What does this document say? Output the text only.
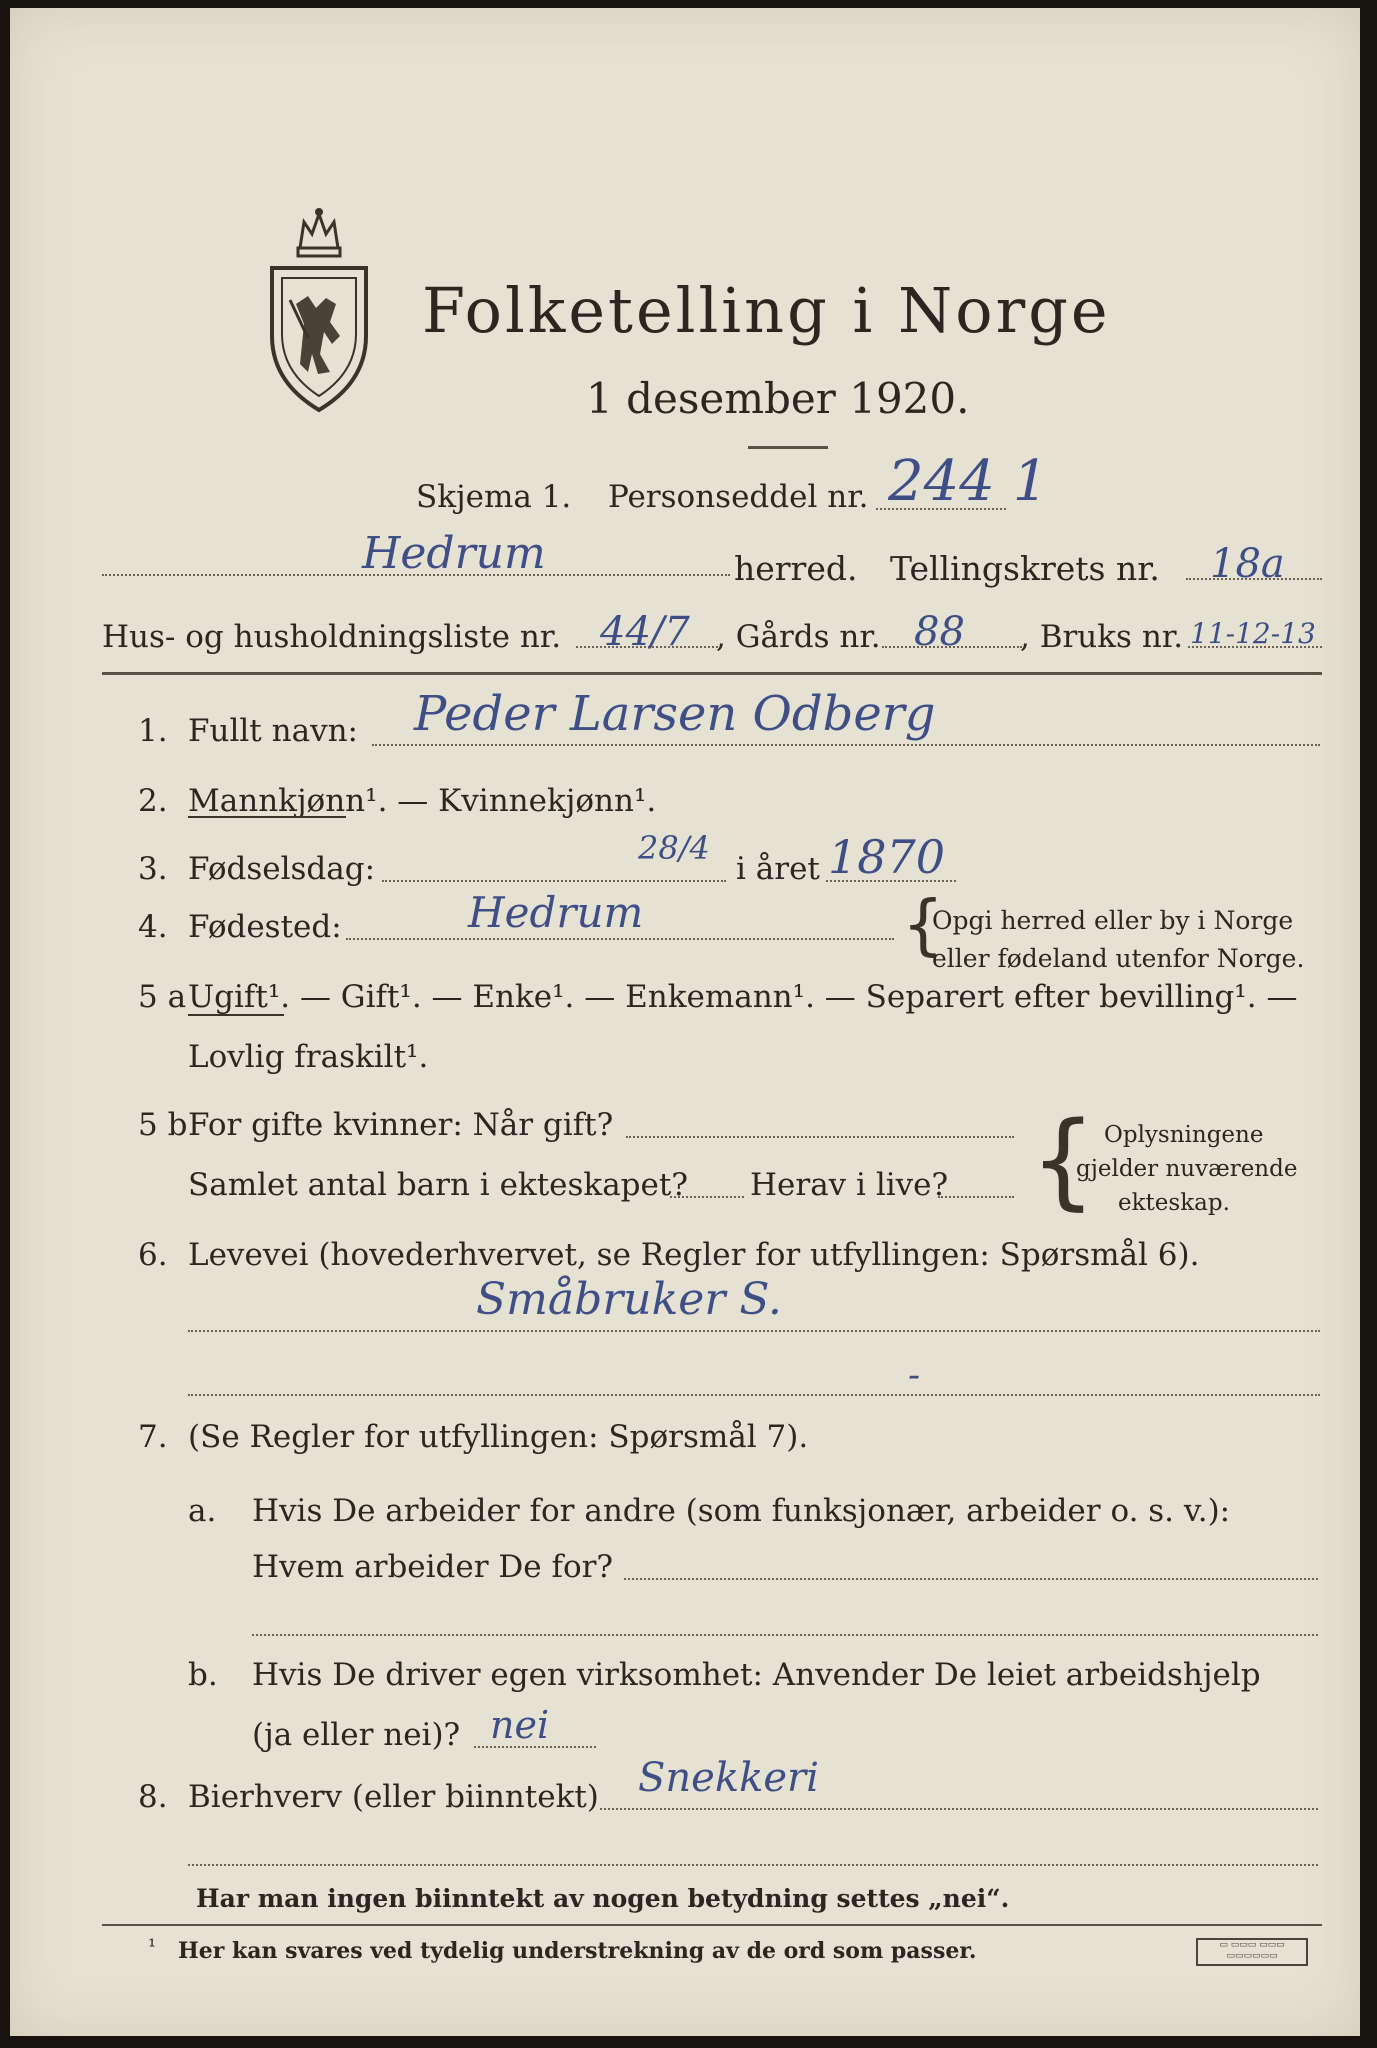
Folketelling i Norge
1 desember 1920.
Skjema 1. Personseddel nr. 244 1
Hedrum	herred. Tellingskrets nr. 18a
Hus- og husholdningsliste nr. 44/7 , Gårds nr. 88 , Bruks nr. 11-12-13
1. Fullt navn: Peder Larsen Odberg
2. Mannkjønn¹. — Kvinnekjønn¹.
3. Fødselsdag:
28/4
i året 1870
4. Fødested:	Hedrum	{
Opgi herred eller by i Norge
eller fødeland utenfor Norge.
5 a Ugift¹. — Gift¹. — Enke¹. — Enkemann¹. — Separert efter bevilling¹. —
Lovlig fraskilt¹.
5 b For gifte kvinner: Når gift?
Samlet antal barn i ekteskapet? Herav i live? { Oplysningene
gjelder nuværende
ekteskap.
6. Levevei (hovederhvervet, se Regler for utfyllingen: Spørsmål 6).
Småbruker S.
-
7. (Se Regler for utfyllingen: Spørsmål 7).
a. Hvis De arbeider for andre (som funksjonær, arbeider o. s. v.):
Hvem arbeider De for?
b. Hvis De driver egen virksomhet: Anvender De leiet arbeidshjelp
(ja eller nei)? nei
8. Bierhverv (eller biinntekt) Snekkeri
Har man ingen biinntekt av nogen betydning settes „nei“.
¹ Her kan svares ved tydelig understrekning av de ord som passer.	▭ ▭▭▭ ▭▭▭
▭▭▭▭▭▭
